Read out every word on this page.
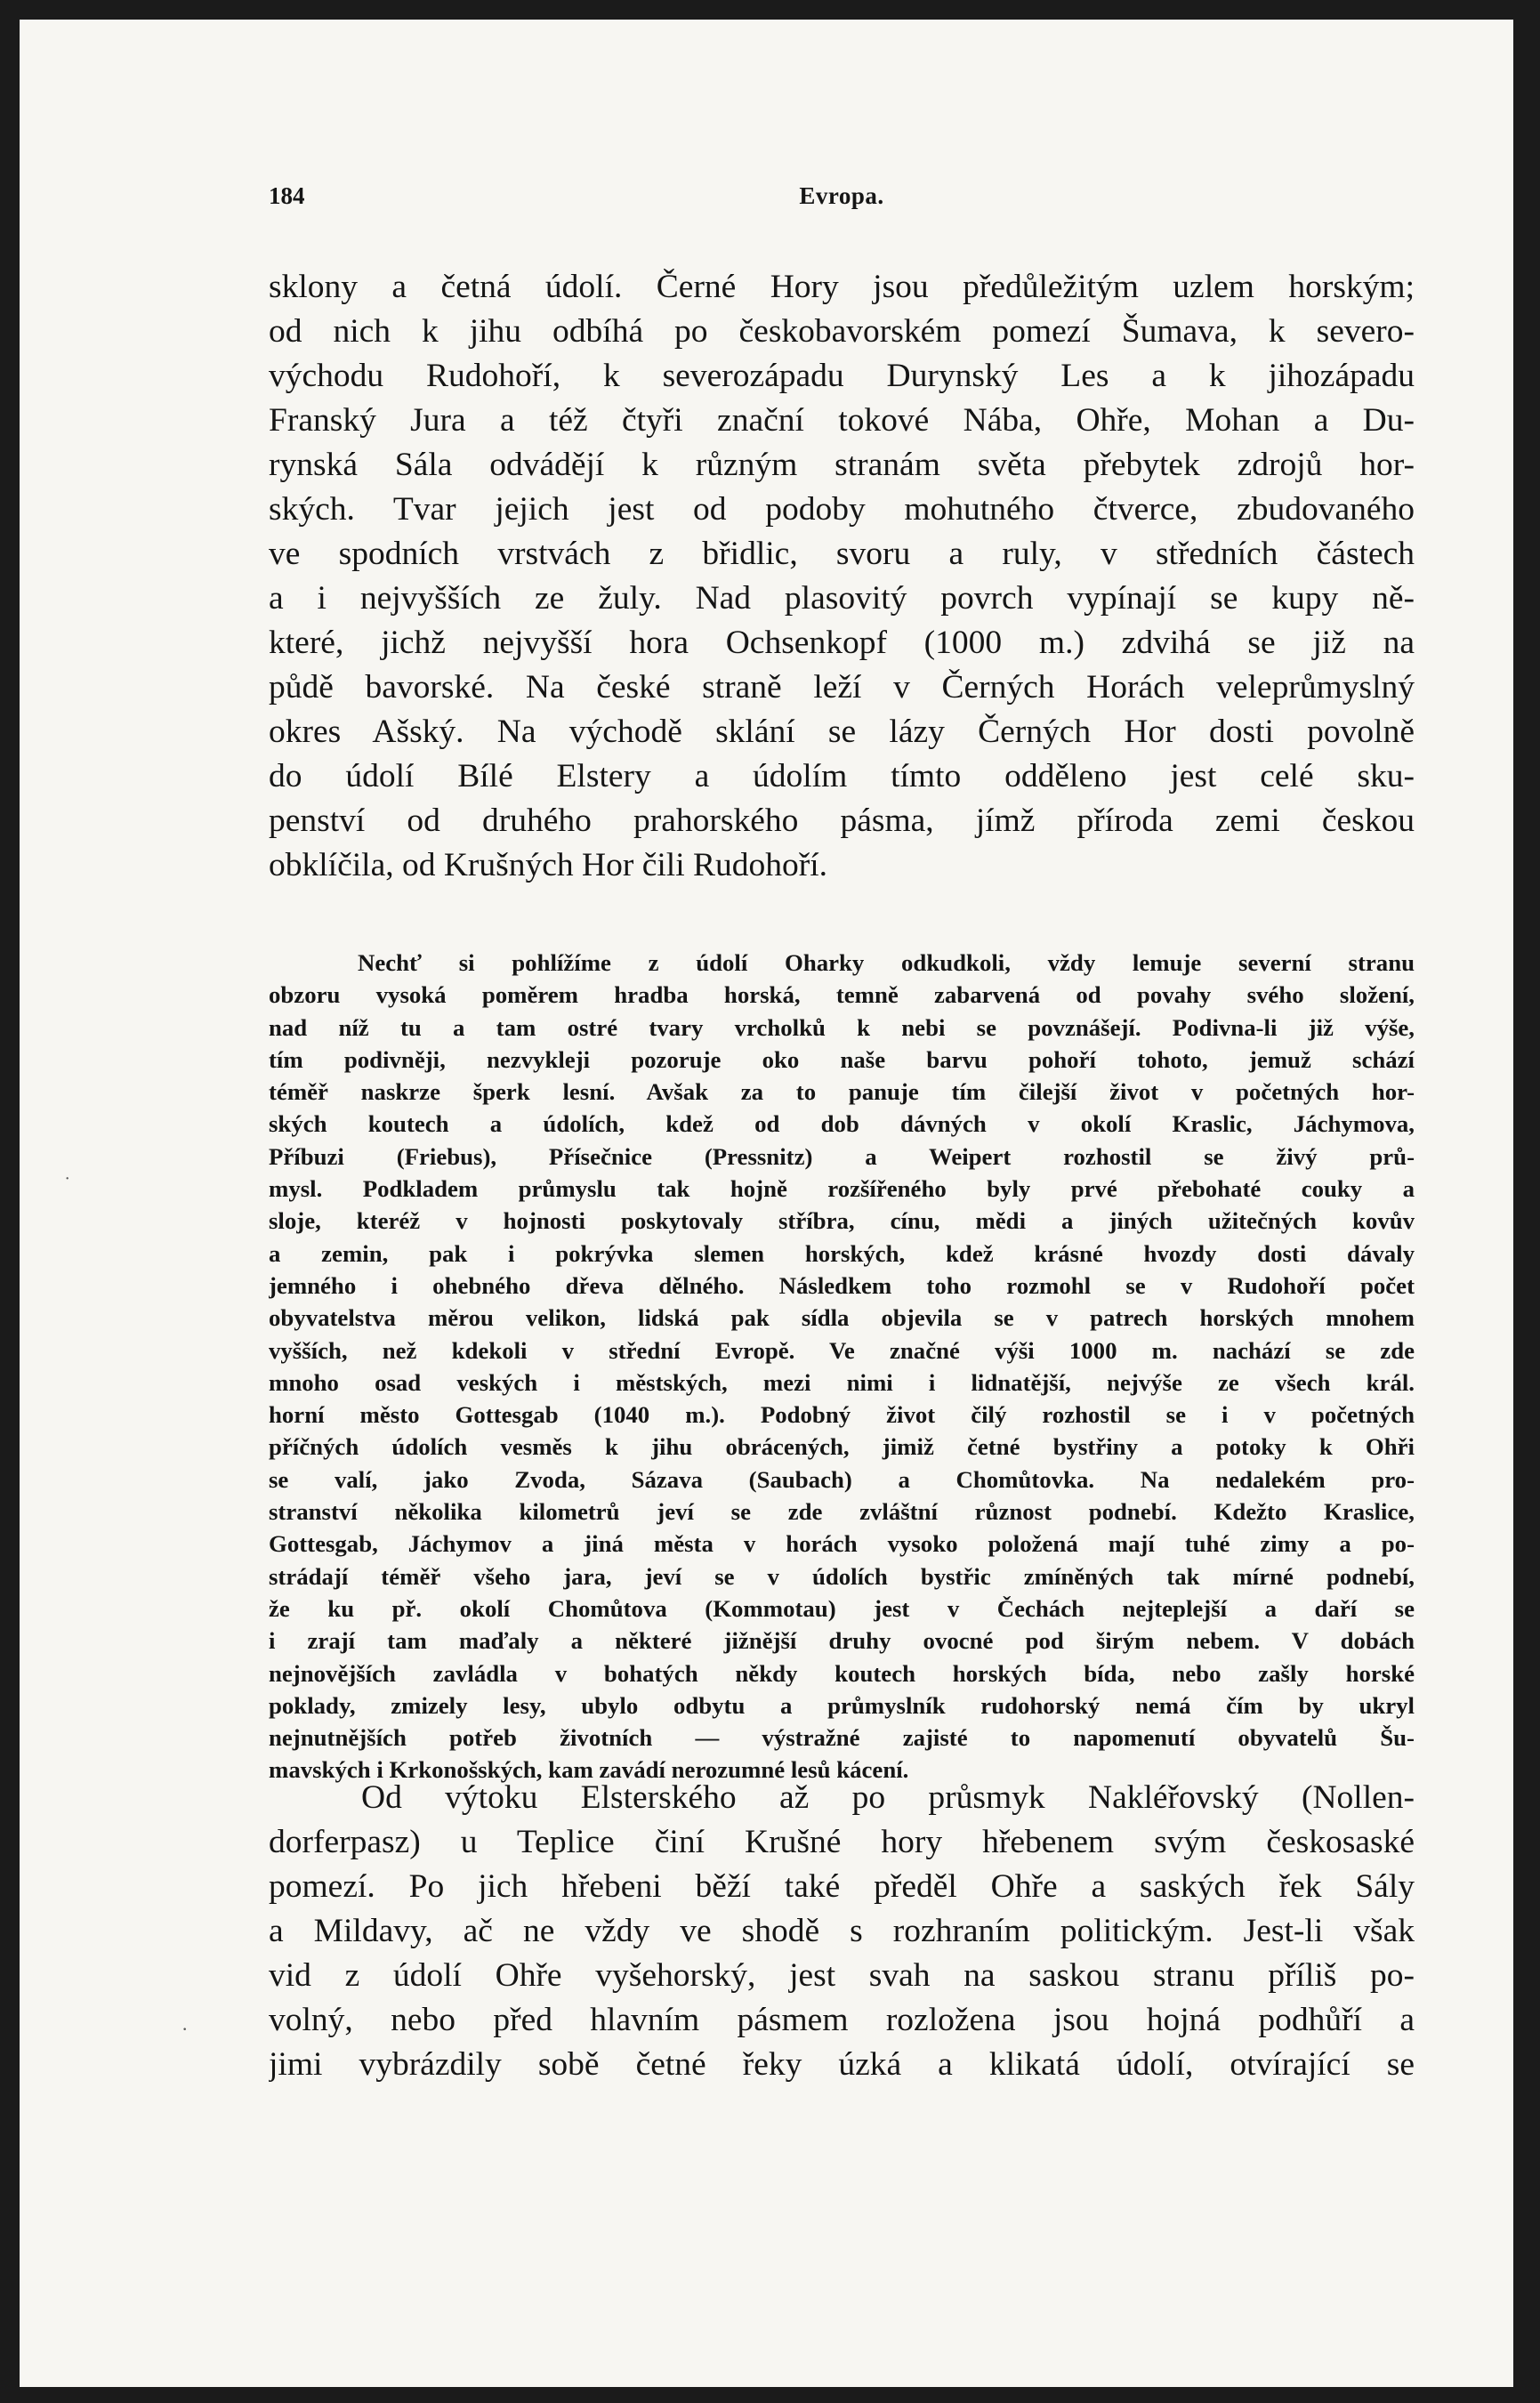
184	Evropa.
sklony a četná údolí. Černé Hory jsou předůležitým uzlem horským;
od nich k jihu odbíhá po českobavorském pomezí Šumava, k severo-
východu Rudohoří, k severozápadu Durynský Les a k jihozápadu
Franský Jura a též čtyři znační tokové Nába, Ohře, Mohan a Du-
rynská Sála odvádějí k různým stranám světa přebytek zdrojů hor-
ských. Tvar jejich jest od podoby mohutného čtverce, zbudovaného
ve spodních vrstvách z břidlic, svoru a ruly, v středních částech
a i nejvyšších ze žuly. Nad plasovitý povrch vypínají se kupy ně-
které, jichž nejvyšší hora Ochsenkopf (1000 m.) zdvihá se již na
půdě bavorské. Na české straně leží v Černých Horách veleprůmyslný
okres Ašský. Na východě sklání se lázy Černých Hor dosti povolně
do údolí Bílé Elstery a údolím tímto odděleno jest celé sku-
penství od druhého prahorského pásma, jímž příroda zemi českou
obklíčila, od Krušných Hor čili Rudohoří.
Nechť si pohlížíme z údolí Oharky odkudkoli, vždy lemuje severní stranu
obzoru vysoká poměrem hradba horská, temně zabarvená od povahy svého složení,
nad níž tu a tam ostré tvary vrcholků k nebi se povznášejí. Podivna-li již výše,
tím podivněji, nezvykleji pozoruje oko naše barvu pohoří tohoto, jemuž schází
téměř naskrze šperk lesní. Avšak za to panuje tím čilejší život v početných hor-
ských koutech a údolích, kdež od dob dávných v okolí Kraslic, Jáchymova,
Příbuzi (Friebus), Přísečnice (Pressnitz) a Weipert rozhostil se živý prů-
mysl. Podkladem průmyslu tak hojně rozšířeného byly prvé přebohaté couky a
sloje, kteréž v hojnosti poskytovaly stříbra, cínu, mědi a jiných užitečných kovův
a zemin, pak i pokrývka slemen horských, kdež krásné hvozdy dosti dávaly
jemného i ohebného dřeva dělného. Následkem toho rozmohl se v Rudohoří počet
obyvatelstva měrou velikon, lidská pak sídla objevila se v patrech horských mnohem
vyšších, než kdekoli v střední Evropě. Ve značné výši 1000 m. nachází se zde
mnoho osad veských i městských, mezi nimi i lidnatější, nejvýše ze všech král.
horní město Gottesgab (1040 m.). Podobný život čilý rozhostil se i v početných
příčných údolích vesměs k jihu obrácených, jimiž četné bystřiny a potoky k Ohři
se valí, jako Zvoda, Sázava (Saubach) a Chomůtovka. Na nedalekém pro-
stranství několika kilometrů jeví se zde zvláštní různost podnebí. Kdežto Kraslice,
Gottesgab, Jáchymov a jiná města v horách vysoko položená mají tuhé zimy a po-
strádají téměř všeho jara, jeví se v údolích bystřic zmíněných tak mírné podnebí,
že ku př. okolí Chomůtova (Kommotau) jest v Čechách nejteplejší a daří se
i zrají tam maďaly a některé jižnější druhy ovocné pod širým nebem. V dobách
nejnovějších zavládla v bohatých někdy koutech horských bída, nebo zašly horské
poklady, zmizely lesy, ubylo odbytu a průmyslník rudohorský nemá čím by ukryl
nejnutnějších potřeb životních — výstražné zajisté to napomenutí obyvatelů Šu-
mavských i Krkonošských, kam zavádí nerozumné lesů kácení.
Od výtoku Elsterského až po průsmyk Nakléřovský (Nollen-
dorferpasz) u Teplice činí Krušné hory hřebenem svým českosaské
pomezí. Po jich hřebeni běží také předěl Ohře a saských řek Sály
a Mildavy, ač ne vždy ve shodě s rozhraním politickým. Jest-li však
vid z údolí Ohře vyšehorský, jest svah na saskou stranu příliš po-
volný, nebo před hlavním pásmem rozložena jsou hojná podhůří a
jimi vybrázdily sobě četné řeky úzká a klikatá údolí, otvírající se
˙
·
